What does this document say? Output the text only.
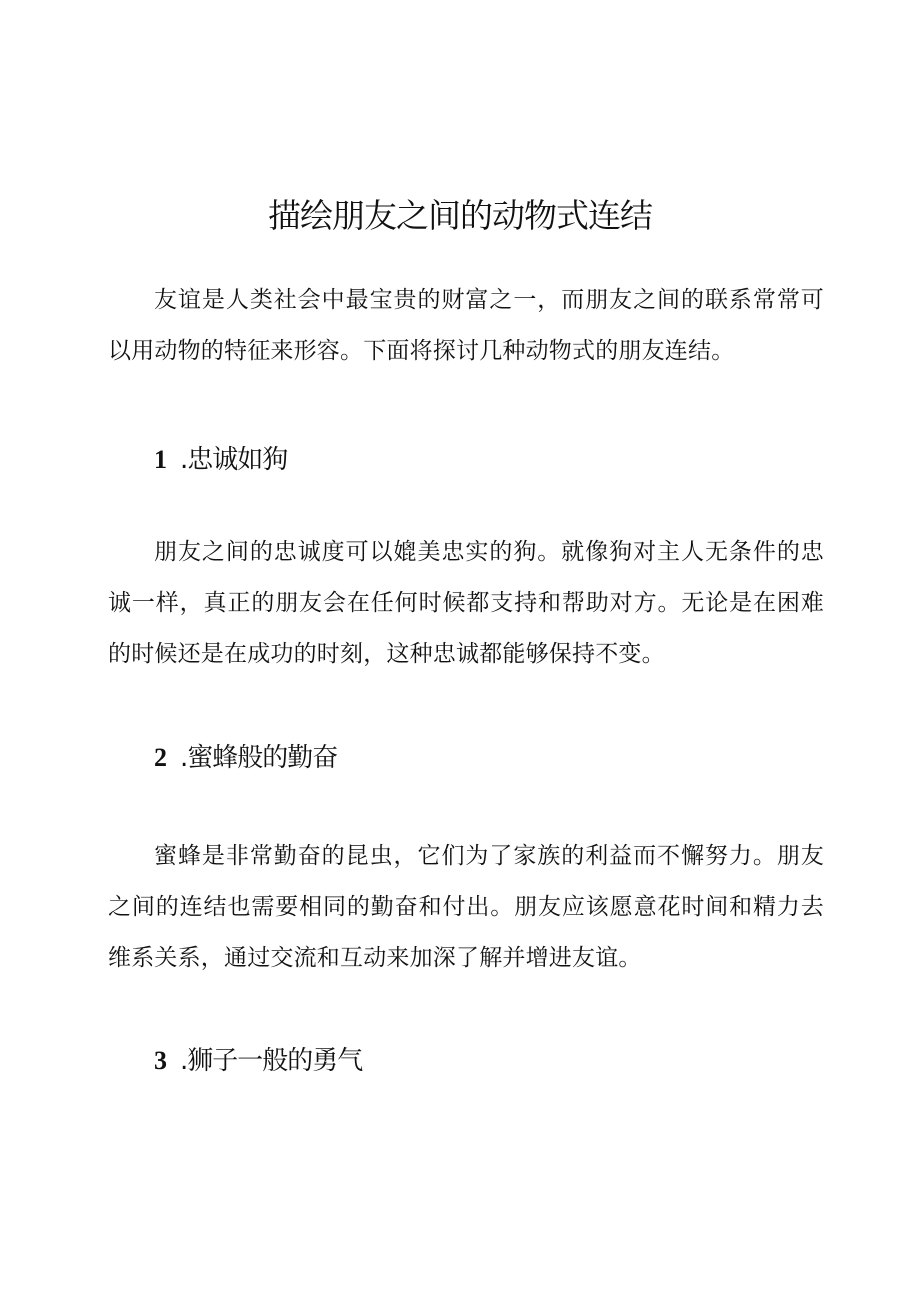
描绘朋友之间的动物式连结

友谊是人类社会中最宝贵的财富之一，而朋友之间的联系常常可以用动物的特征来形容。下面将探讨几种动物式的朋友连结。

1 .忠诚如狗

朋友之间的忠诚度可以媲美忠实的狗。就像狗对主人无条件的忠诚一样，真正的朋友会在任何时候都支持和帮助对方。无论是在困难的时候还是在成功的时刻，这种忠诚都能够保持不变。

2 .蜜蜂般的勤奋

蜜蜂是非常勤奋的昆虫，它们为了家族的利益而不懈努力。朋友之间的连结也需要相同的勤奋和付出。朋友应该愿意花时间和精力去维系关系，通过交流和互动来加深了解并增进友谊。

3 .狮子一般的勇气
